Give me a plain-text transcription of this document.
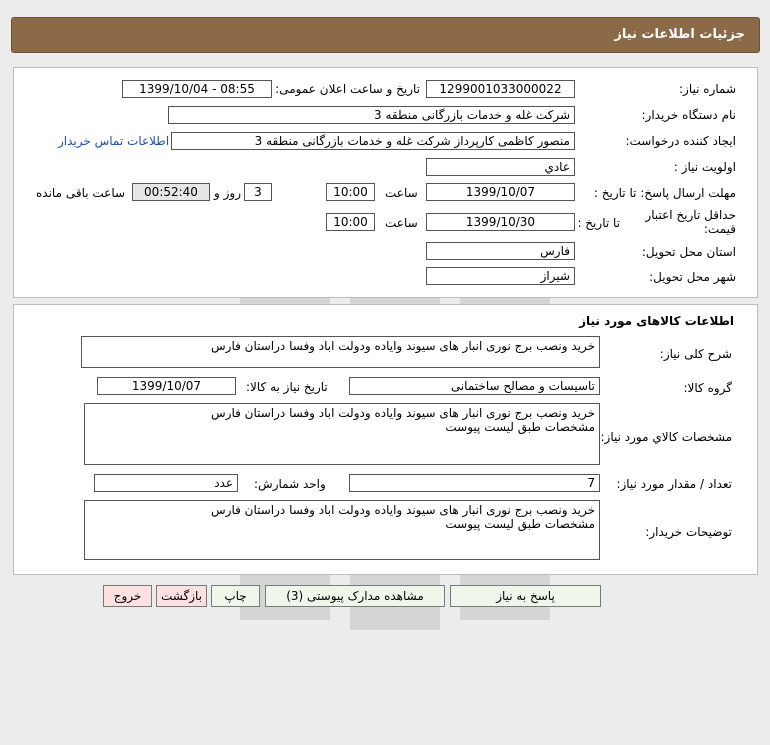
جزئیات اطلاعات نیاز
شماره نیاز:
1299001033000022
تاریخ و ساعت اعلان عمومی:
1399/10/04 - 08:55
نام دستگاه خریدار:
شرکت غله و خدمات بازرگانی منطقه 3
ایجاد کننده درخواست:
منصور کاظمی کارپرداز شرکت غله و خدمات بازرگانی منطقه 3
اطلاعات تماس خریدار
اولویت نیاز :
عادي
مهلت ارسال پاسخ: تا تاریخ :
1399/10/07
ساعت
10:00
3
روز و
00:52:40
ساعت باقی مانده
حداقل تاریخ اعتبار قیمت:
تا تاریخ :
1399/10/30
ساعت
10:00
استان محل تحویل:
فارس
شهر محل تحویل:
شیراز
اطلاعات کالاهای مورد نیاز
شرح کلی نیاز:
خرید ونصب برج نوری انبار های سیوند وایاده ودولت اباد وفسا دراستان فارس
گروه کالا:
تاسیسات و مصالح ساختمانی
تاریخ نیاز به کالا:
1399/10/07
مشخصات کالاي مورد نياز:
خرید ونصب برج نوری انبار های سیوند وایاده ودولت اباد وفسا دراستان فارس
مشخصات طبق لیست پیوست
تعداد / مقدار مورد نیاز:
7
واحد شمارش:
عدد
توضیحات خریدار:
خرید ونصب برج نوری انبار های سیوند وایاده ودولت اباد وفسا دراستان فارس
مشخصات طبق لیست پیوست
پاسخ به نیاز
مشاهده مدارک پیوستی (3)
چاپ
بازگشت
خروج
